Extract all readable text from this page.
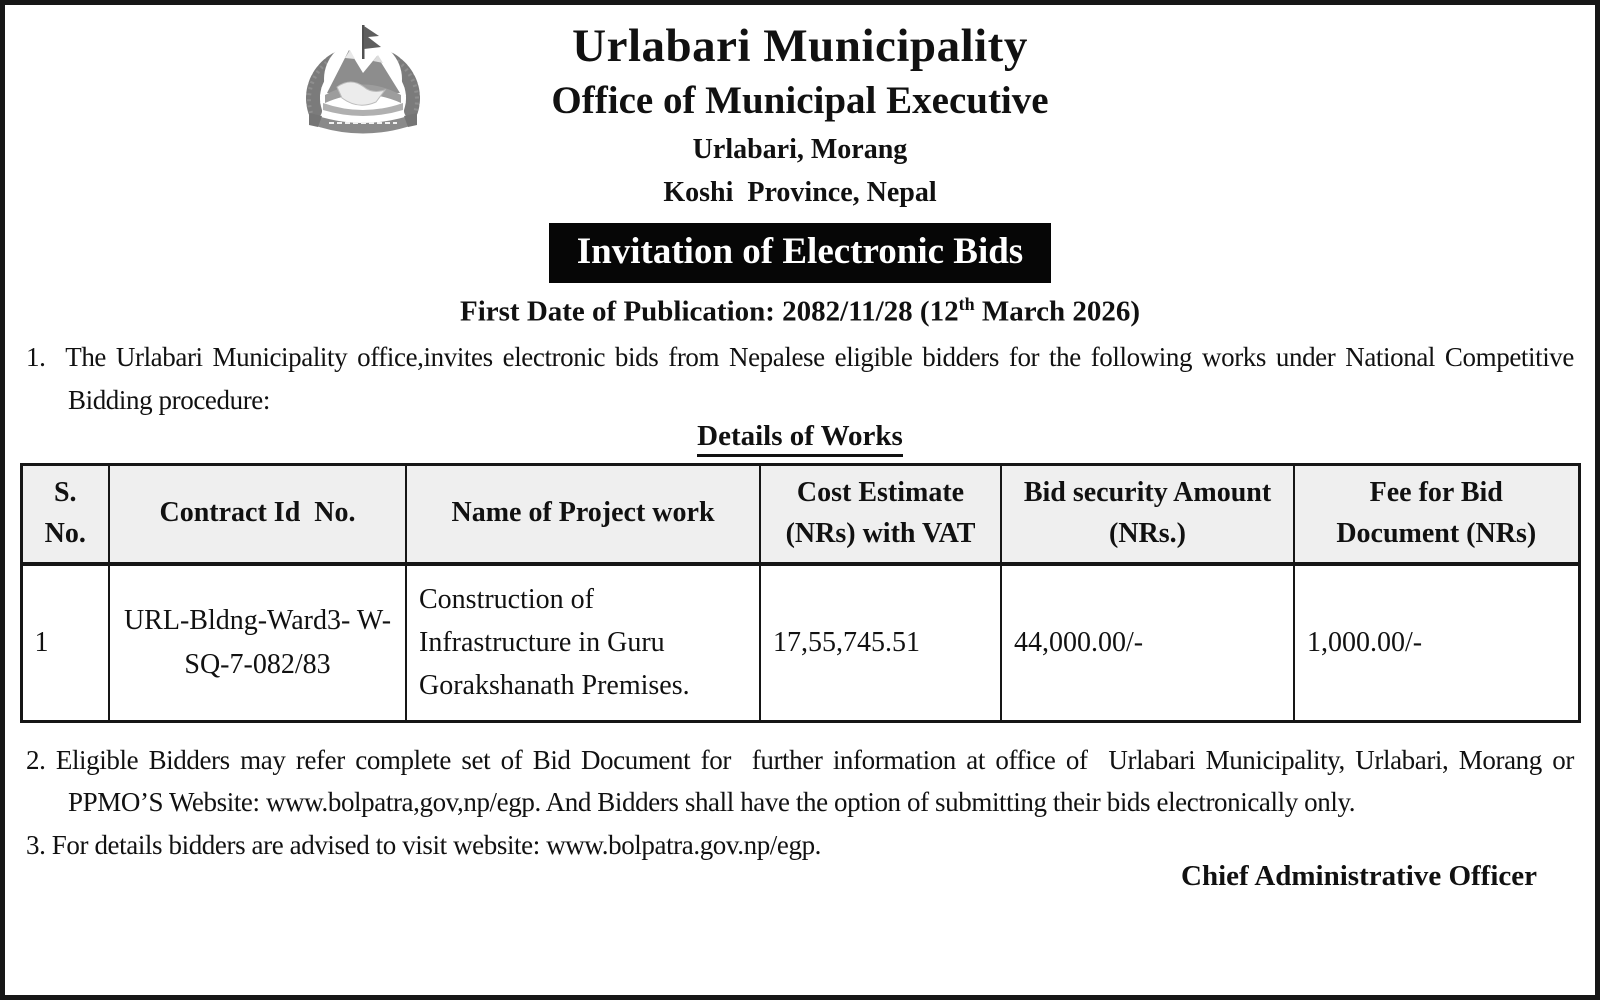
Urlabari Municipality
Office of Municipal Executive
Urlabari, Morang
Koshi  Province, Nepal
Invitation of Electronic Bids
First Date of Publication: 2082/11/28 (12th March 2026)
1.  The Urlabari Municipality office,invites electronic bids from Nepalese eligible bidders for the following works under National Competitive Bidding procedure:
Details of Works
S. No.	Contract Id  No.	Name of Project work	Cost Estimate (NRs) with VAT	Bid security Amount (NRs.)	Fee for Bid Document (NRs)
1	URL-Bldng-Ward3- W-SQ-7-082/83	Construction of Infrastructure in Guru Gorakshanath Premises.	17,55,745.51	44,000.00/-	1,000.00/-
2. Eligible Bidders may refer complete set of Bid Document for  further information at office of  Urlabari Municipality, Urlabari, Morang or PPMO’S Website: www.bolpatra,gov,np/egp. And Bidders shall have the option of submitting their bids electronically only.
3. For details bidders are advised to visit website: www.bolpatra.gov.np/egp.
Chief Administrative Officer
